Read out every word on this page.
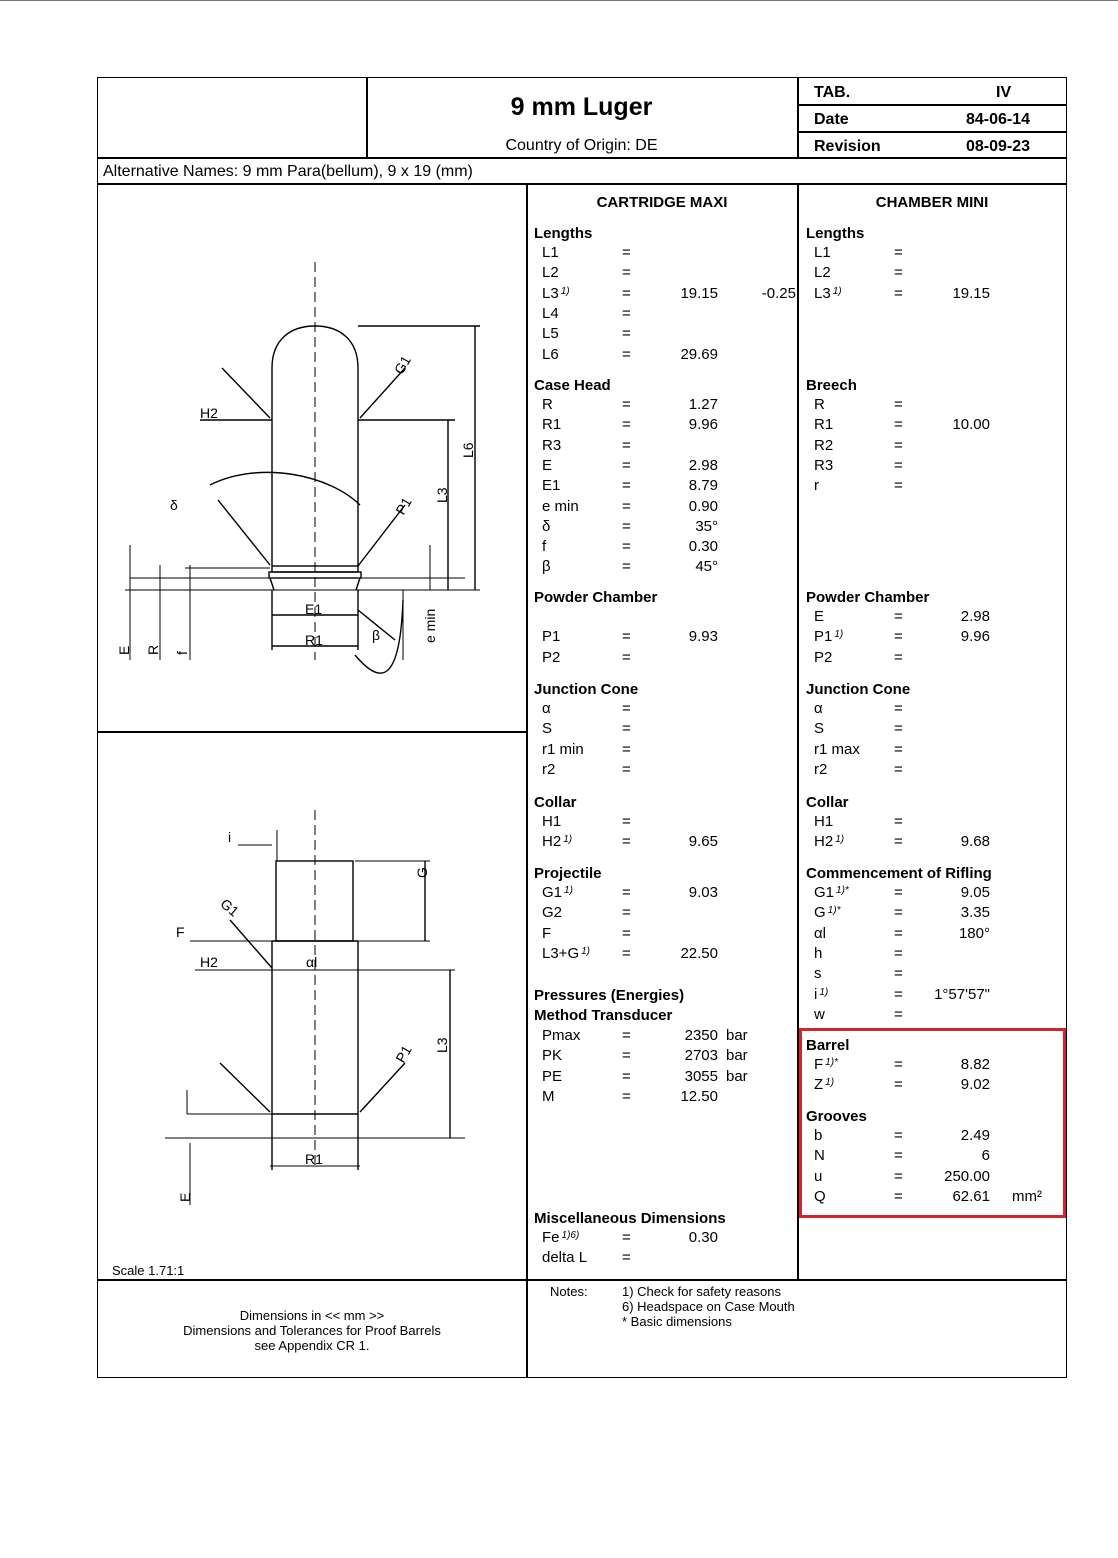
9 mm Luger
Country of Origin: DE
TAB.	IV
Date	84-06-14
Revision	08-09-23
Alternative Names: 9 mm Para(bellum), 9 x 19 (mm)
CARTRIDGE MAXI	CHAMBER MINI
Lengths
L1	=
L2	=
L3 $^{1)}$	=	19.15	-0.25
L4	=
L5	=
L6	=	29.69
Case Head
R	=	1.27
R1	=	9.96
R3	=
E	=	2.98
E1	=	8.79
e min	=	0.90
δ	=	35°
f	=	0.30
β	=	45°
Powder Chamber
P1	=	9.93
P2	=
Junction Cone
α	=
S	=
r1 min	=
r2	=
Collar
H1	=
H2 $^{1)}$	=	9.65
Projectile
G1 $^{1)}$	=	9.03
G2	=
F	=
L3+G $^{1)}$ =	22.50
Pressures (Energies)
Method Transducer
Pmax	=	2350 bar
PK	=	2703 bar
PE	=	3055 bar
M	=	12.50
Miscellaneous Dimensions
Fe $^{1)6)}$	=	0.30
delta L =
Lengths
L1	=
L2	=
L3 $^{1)}$	=	19.15
Breech
R	=
R1	=	10.00
R2	=
R3	=
r	=
Powder Chamber
E	=	2.98
P1 $^{1)}$	=	9.96
P2	=
Junction Cone
α	=
S	=
r1 max =
r2	=
Collar
H1	=
H2 $^{1)}$	=	9.68
Commencement of Rifling
G1 $^{1)*}$	=	9.05
G $^{1)*}$	=	3.35
αl	=	180°
h	=
s	=
i $^{1)}$	=	1°57'57"
w	=
Barrel
F $^{1)*}$	=	8.82
Z $^{1)}$	=	9.02
Grooves
b	=	2.49
N	=	6
u	=	250.00
Q	=	62.61 mm²
G1
H2
δ	P1 L3
L6
E1
R1	β	e min
E R f
i
G
G1
F
H2	αl
P1 L3
R1
E
Scale 1.71:1
Dimensions in << mm >>
Dimensions and Tolerances for Proof Barrels
see Appendix CR 1.
Notes:	1) Check for safety reasons
6) Headspace on Case Mouth
* Basic dimensions
